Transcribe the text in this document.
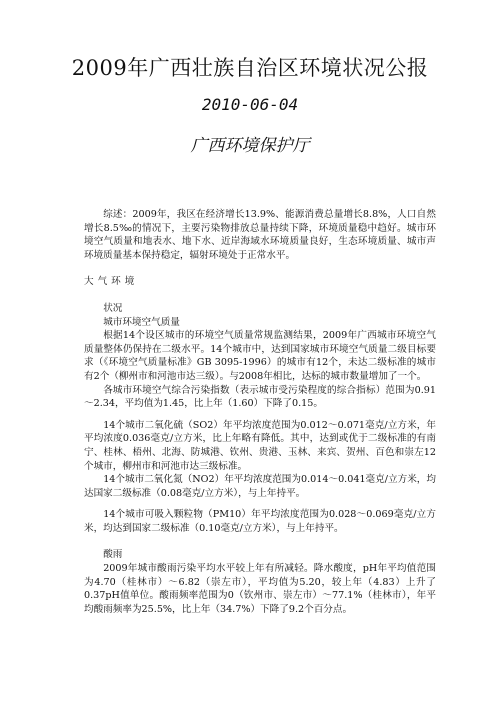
2009年广西壮族自治区环境状况公报
2010-06-04
广西环境保护厅

综述：2009年，我区在经济增长13.9%、能源消费总量增长8.8%，人口自然增长8.5‰的情况下，主要污染物排放总量持续下降，环境质量稳中趋好。城市环境空气质量和地表水、地下水、近岸海域水环境质量良好，生态环境质量、城市声环境质量基本保持稳定，辐射环境处于正常水平。

大气环境

状况

城市环境空气质量

根据14个设区城市的环境空气质量常规监测结果，2009年广西城市环境空气质量整体仍保持在二级水平。14个城市中，达到国家城市环境空气质量二级目标要求（《环境空气质量标准》GB 3095-1996）的城市有12个，未达二级标准的城市有2个（柳州市和河池市达三级）。与2008年相比，达标的城市数量增加了一个。

各城市环境空气综合污染指数（表示城市受污染程度的综合指标）范围为0.91～2.34，平均值为1.45，比上年（1.60）下降了0.15。

14个城市二氧化硫（SO2）年平均浓度范围为0.012～0.071毫克/立方米，年平均浓度0.036毫克/立方米，比上年略有降低。其中，达到或优于二级标准的有南宁、桂林、梧州、北海、防城港、钦州、贵港、玉林、来宾、贺州、百色和崇左12个城市，柳州市和河池市达三级标准。

14个城市二氧化氮（NO2）年平均浓度范围为0.014～0.041毫克/立方米，均达国家二级标准（0.08毫克/立方米），与上年持平。

14个城市可吸入颗粒物（PM10）年平均浓度范围为0.028～0.069毫克/立方米，均达到国家二级标准（0.10毫克/立方米），与上年持平。

酸雨

2009年城市酸雨污染平均水平较上年有所减轻。降水酸度，pH年平均值范围为4.70（桂林市）～6.82（崇左市），平均值为5.20，较上年（4.83）上升了0.37pH值单位。酸雨频率范围为0（钦州市、崇左市）～77.1%（桂林市），年平均酸雨频率为25.5%，比上年（34.7%）下降了9.2个百分点。
